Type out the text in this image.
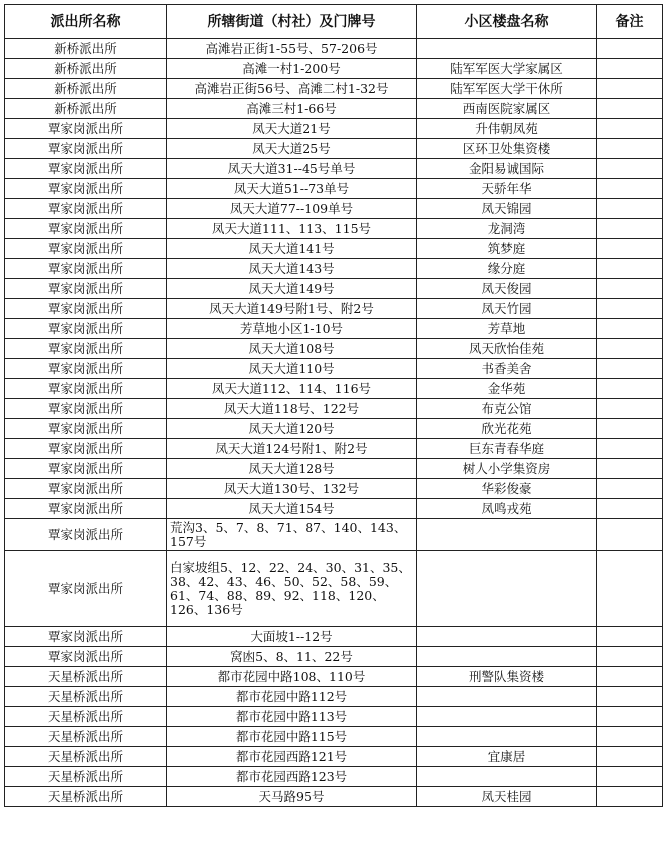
派出所名称	所辖街道（村社）及门牌号	小区楼盘名称	备注
新桥派出所	高滩岩正街1-55号、57-206号		
新桥派出所	高滩一村1-200号	陆军军医大学家属区	
新桥派出所	高滩岩正街56号、高滩二村1-32号	陆军军医大学干休所	
新桥派出所	高滩三村1-66号	西南医院家属区	
覃家岗派出所	凤天大道21号	升伟朝凤苑	
覃家岗派出所	凤天大道25号	区环卫处集资楼	
覃家岗派出所	凤天大道31--45号单号	金阳易诚国际	
覃家岗派出所	凤天大道51--73单号	天骄年华	
覃家岗派出所	凤天大道77--109单号	凤天锦园	
覃家岗派出所	凤天大道111、113、115号	龙洞湾	
覃家岗派出所	凤天大道141号	筑梦庭	
覃家岗派出所	凤天大道143号	缘分庭	
覃家岗派出所	凤天大道149号	凤天俊园	
覃家岗派出所	凤天大道149号附1号、附2号	凤天竹园	
覃家岗派出所	芳草地小区1-10号	芳草地	
覃家岗派出所	凤天大道108号	凤天欣怡佳苑	
覃家岗派出所	凤天大道110号	书香美舍	
覃家岗派出所	凤天大道112、114、116号	金华苑	
覃家岗派出所	凤天大道118号、122号	布克公馆	
覃家岗派出所	凤天大道120号	欣光花苑	
覃家岗派出所	凤天大道124号附1、附2号	巨东青春华庭	
覃家岗派出所	凤天大道128号	树人小学集资房	
覃家岗派出所	凤天大道130号、132号	华彩俊豪	
覃家岗派出所	凤天大道154号	凤鸣戎苑	
覃家岗派出所	荒沟3、5、7、8、71、87、140、143、157号		
覃家岗派出所	白家坡组5、12、22、24、30、31、35、38、42、43、46、50、52、58、59、61、74、88、89、92、118、120、126、136号		
覃家岗派出所	大面坡1--12号		
覃家岗派出所	窝凼5、8、11、22号		
天星桥派出所	都市花园中路108、110号	刑警队集资楼	
天星桥派出所	都市花园中路112号		
天星桥派出所	都市花园中路113号		
天星桥派出所	都市花园中路115号		
天星桥派出所	都市花园西路121号	宜康居	
天星桥派出所	都市花园西路123号		
天星桥派出所	天马路95号	凤天桂园	
